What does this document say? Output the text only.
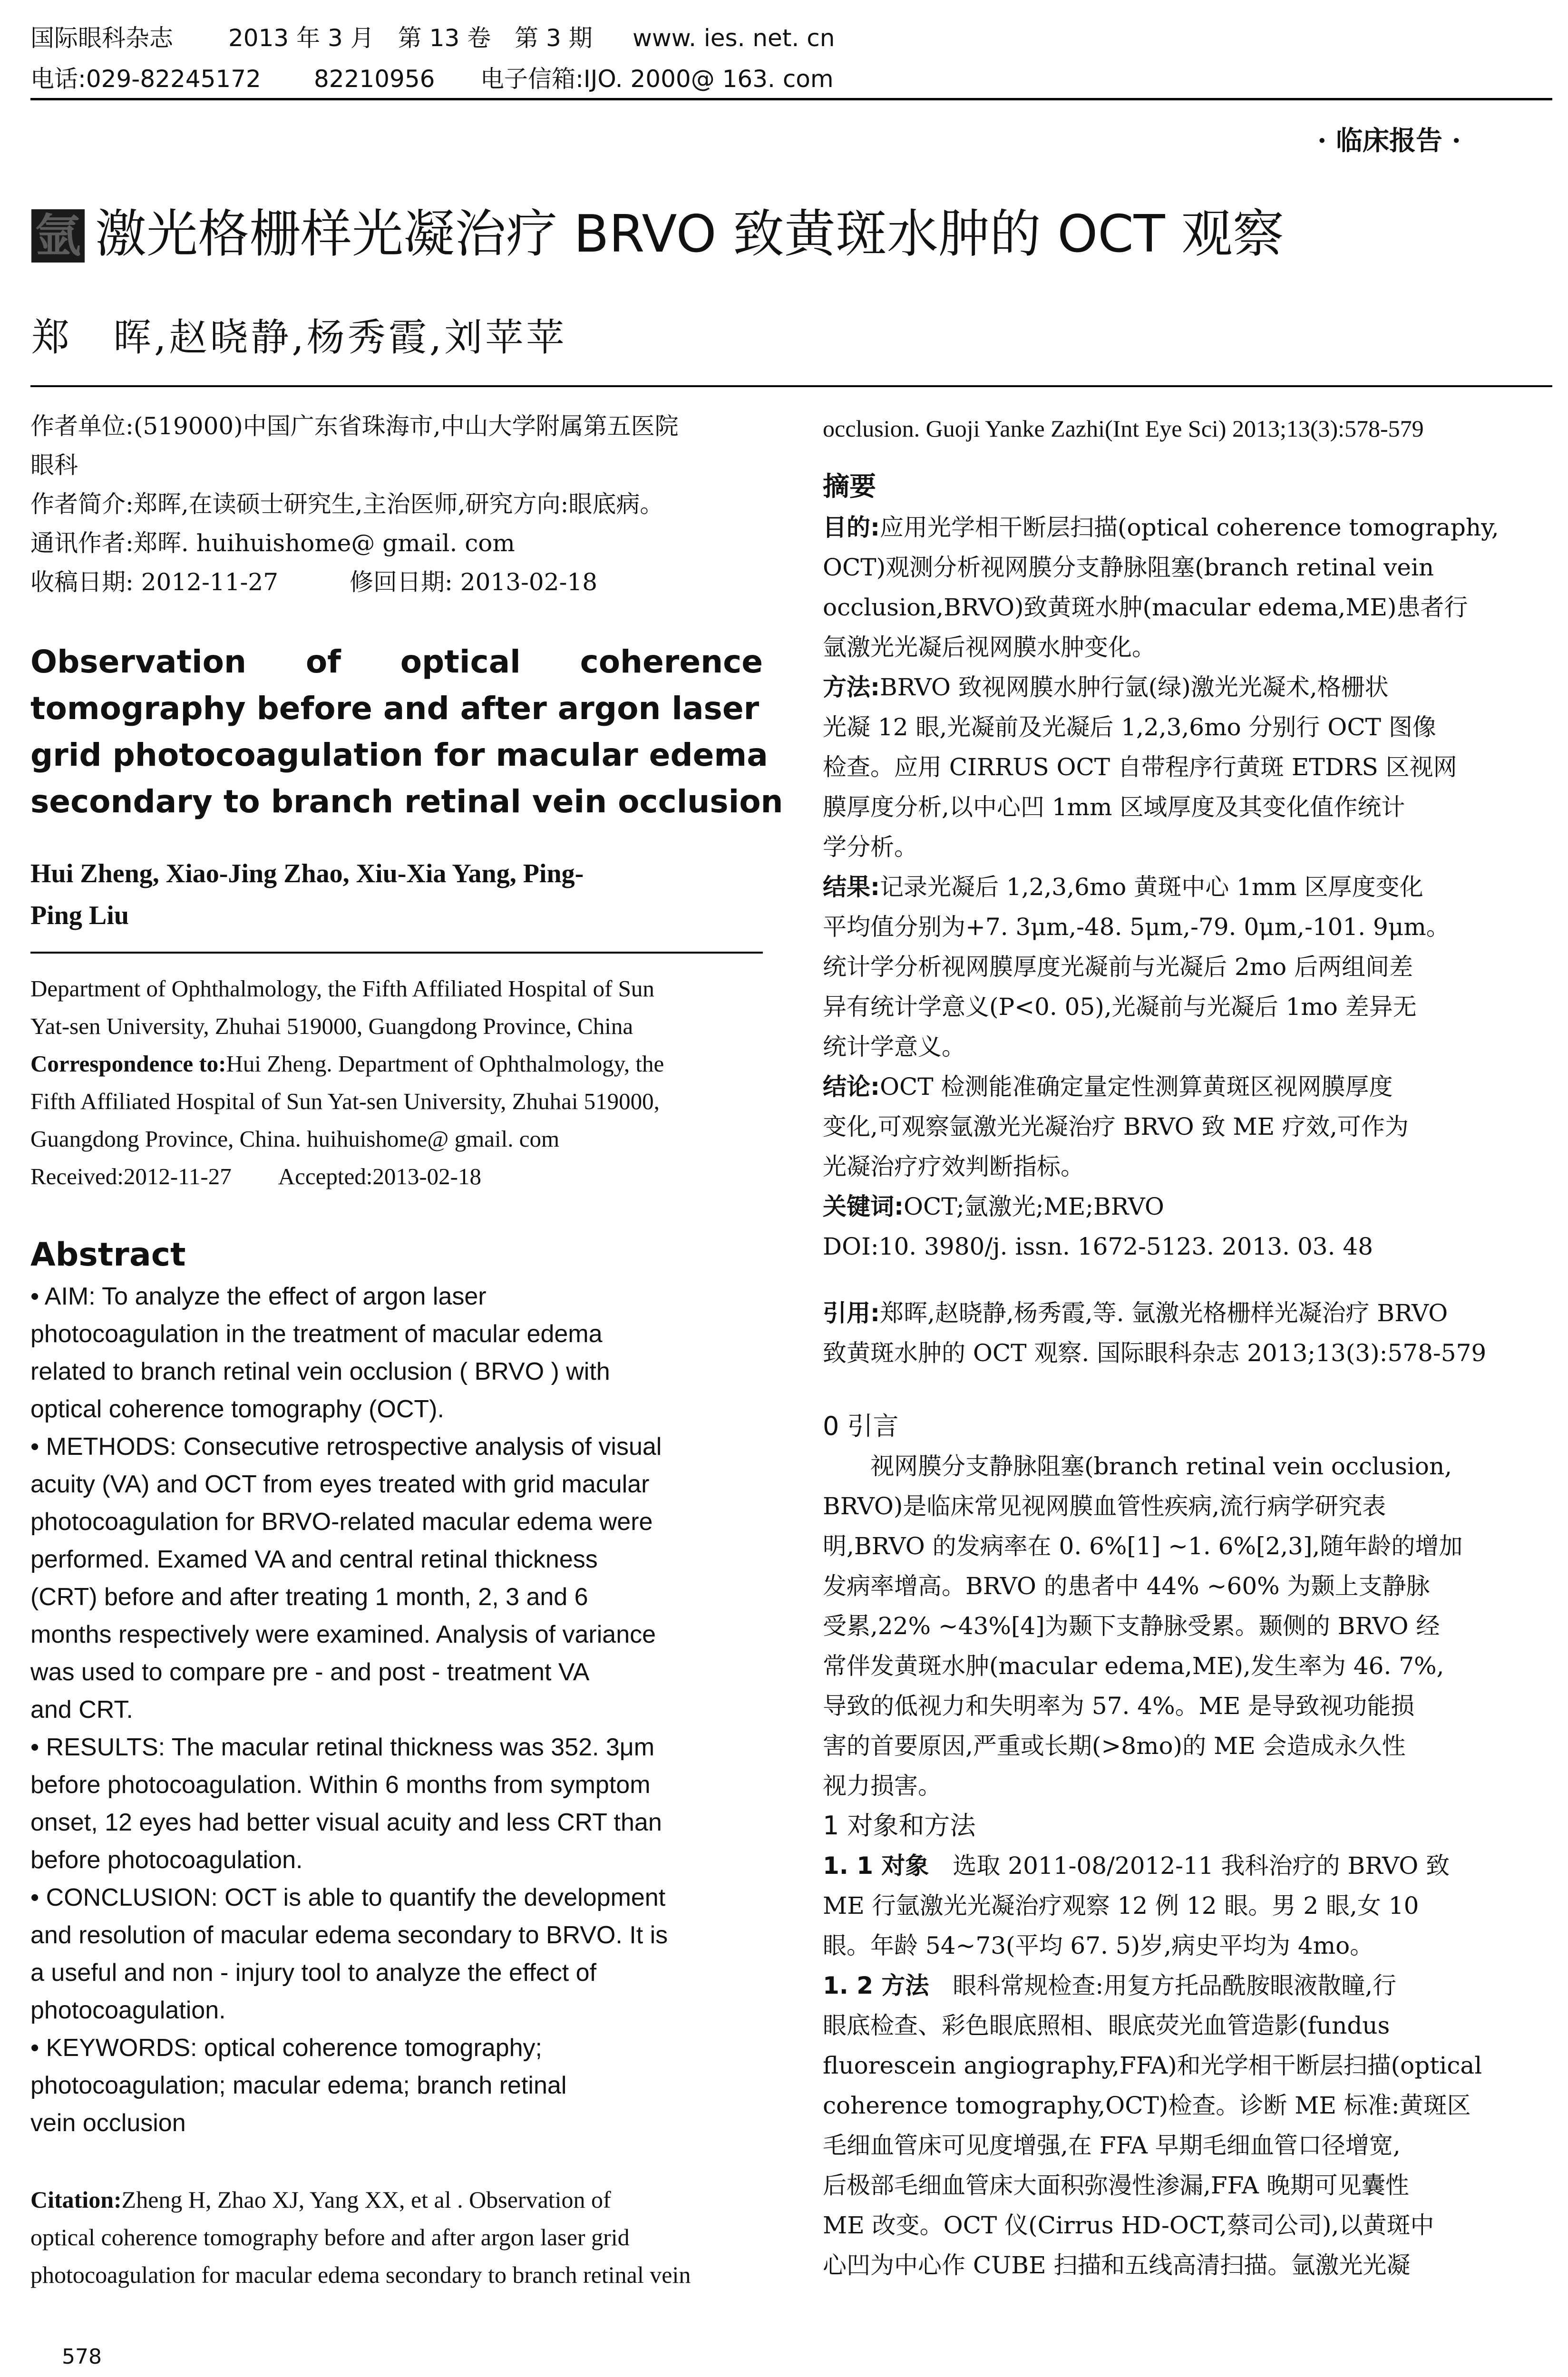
国际眼科杂志 2013 年 3 月　第 13 卷　第 3 期 www. ies. net. cn
电话:029-82245172 82210956 电子信箱:IJO. 2000@ 163. com
· 临床报告 ·
氩 激光格栅样光凝治疗 BRVO 致黄斑水肿的 OCT 观察
郑　晖,赵晓静,杨秀霞,刘苹苹
作者单位:(519000)中国广东省珠海市,中山大学附属第五医院
眼科
作者简介:郑晖,在读硕士研究生,主治医师,研究方向:眼底病。
通讯作者:郑晖. huihuishome@ gmail. com
收稿日期: 2012-11-27　　　修回日期: 2013-02-18
Observation of optical coherence
tomography before and after argon laser
grid photocoagulation for macular edema
secondary to branch retinal vein occlusion
Hui Zheng, Xiao-Jing Zhao, Xiu-Xia Yang, Ping-
Ping Liu
Department of Ophthalmology, the Fifth Affiliated Hospital of Sun
Yat-sen University, Zhuhai 519000, Guangdong Province, China
Correspondence to:Hui Zheng. Department of Ophthalmology, the
Fifth Affiliated Hospital of Sun Yat-sen University, Zhuhai 519000,
Guangdong Province, China. huihuishome@ gmail. com
Received:2012-11-27　　Accepted:2013-02-18
Abstract
• AIM: To analyze the effect of argon laser
photocoagulation in the treatment of macular edema
related to branch retinal vein occlusion ( BRVO ) with
optical coherence tomography (OCT).
• METHODS: Consecutive retrospective analysis of visual
acuity (VA) and OCT from eyes treated with grid macular
photocoagulation for BRVO-related macular edema were
performed. Examed VA and central retinal thickness
(CRT) before and after treating 1 month, 2, 3 and 6
months respectively were examined. Analysis of variance
was used to compare pre - and post - treatment VA
and CRT.
• RESULTS: The macular retinal thickness was 352. 3μm
before photocoagulation. Within 6 months from symptom
onset, 12 eyes had better visual acuity and less CRT than
before photocoagulation.
• CONCLUSION: OCT is able to quantify the development
and resolution of macular edema secondary to BRVO. It is
a useful and non - injury tool to analyze the effect of
photocoagulation.
• KEYWORDS: optical coherence tomography;
photocoagulation; macular edema; branch retinal
vein occlusion
Citation:Zheng H, Zhao XJ, Yang XX, et al . Observation of
optical coherence tomography before and after argon laser grid
photocoagulation for macular edema secondary to branch retinal vein
occlusion. Guoji Yanke Zazhi(Int Eye Sci) 2013;13(3):578-579
摘要
目的:应用光学相干断层扫描(optical coherence tomography,
OCT)观测分析视网膜分支静脉阻塞(branch retinal vein
occlusion,BRVO)致黄斑水肿(macular edema,ME)患者行
氩激光光凝后视网膜水肿变化。
方法:BRVO 致视网膜水肿行氩(绿)激光光凝术,格栅状
光凝 12 眼,光凝前及光凝后 1,2,3,6mo 分别行 OCT 图像
检查。应用 CIRRUS OCT 自带程序行黄斑 ETDRS 区视网
膜厚度分析,以中心凹 1mm 区域厚度及其变化值作统计
学分析。
结果:记录光凝后 1,2,3,6mo 黄斑中心 1mm 区厚度变化
平均值分别为+7. 3μm,-48. 5μm,-79. 0μm,-101. 9μm。
统计学分析视网膜厚度光凝前与光凝后 2mo 后两组间差
异有统计学意义(P<0. 05),光凝前与光凝后 1mo 差异无
统计学意义。
结论:OCT 检测能准确定量定性测算黄斑区视网膜厚度
变化,可观察氩激光光凝治疗 BRVO 致 ME 疗效,可作为
光凝治疗疗效判断指标。
关键词:OCT;氩激光;ME;BRVO
DOI:10. 3980/j. issn. 1672-5123. 2013. 03. 48
引用:郑晖,赵晓静,杨秀霞,等. 氩激光格栅样光凝治疗 BRVO
致黄斑水肿的 OCT 观察. 国际眼科杂志 2013;13(3):578-579
0 引言
　　视网膜分支静脉阻塞(branch retinal vein occlusion,
BRVO)是临床常见视网膜血管性疾病,流行病学研究表
明,BRVO 的发病率在 0. 6%[1] ~1. 6%[2,3],随年龄的增加
发病率增高。BRVO 的患者中 44% ~60% 为颞上支静脉
受累,22% ~43%[4]为颞下支静脉受累。颞侧的 BRVO 经
常伴发黄斑水肿(macular edema,ME),发生率为 46. 7%,
导致的低视力和失明率为 57. 4%。ME 是导致视功能损
害的首要原因,严重或长期(>8mo)的 ME 会造成永久性
视力损害。
1 对象和方法
1. 1 对象　选取 2011-08/2012-11 我科治疗的 BRVO 致
ME 行氩激光光凝治疗观察 12 例 12 眼。男 2 眼,女 10
眼。年龄 54~73(平均 67. 5)岁,病史平均为 4mo。
1. 2 方法　眼科常规检查:用复方托品酰胺眼液散瞳,行
眼底检查、彩色眼底照相、眼底荧光血管造影(fundus
fluorescein angiography,FFA)和光学相干断层扫描(optical
coherence tomography,OCT)检查。诊断 ME 标准:黄斑区
毛细血管床可见度增强,在 FFA 早期毛细血管口径增宽,
后极部毛细血管床大面积弥漫性渗漏,FFA 晚期可见囊性
ME 改变。OCT 仪(Cirrus HD-OCT,蔡司公司),以黄斑中
心凹为中心作 CUBE 扫描和五线高清扫描。氩激光光凝
578
